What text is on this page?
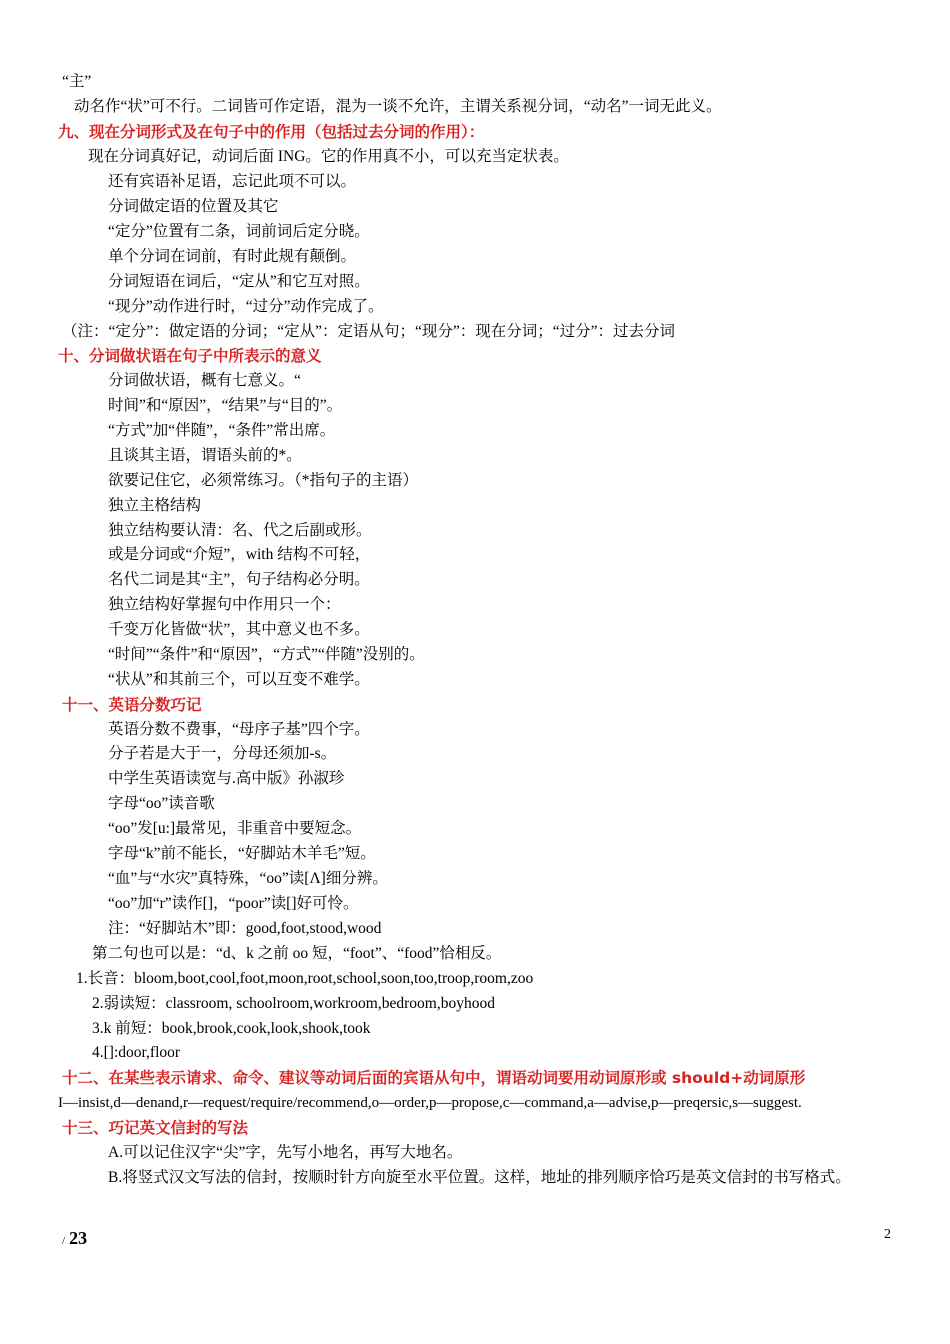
“主”
动名作“状”可不行。二词皆可作定语，混为一谈不允许，主谓关系视分词，“动名”一词无此义。
九、现在分词形式及在句子中的作用（包括过去分词的作用）：
现在分词真好记，动词后面 ING。它的作用真不小，可以充当定状表。
还有宾语补足语，忘记此项不可以。
分词做定语的位置及其它
“定分”位置有二条，词前词后定分晓。
单个分词在词前，有时此规有颠倒。
分词短语在词后，“定从”和它互对照。
“现分”动作进行时，“过分”动作完成了。
（注：“定分”：做定语的分词；“定从”：定语从句；“现分”：现在分词；“过分”：过去分词
十、分词做状语在句子中所表示的意义
分词做状语，概有七意义。“
时间”和“原因”，“结果”与“目的”。
“方式”加“伴随”，“条件”常出席。
且谈其主语，谓语头前的*。
欲要记住它，必须常练习。（*指句子的主语）
独立主格结构
独立结构要认清：名、代之后副或形。
或是分词或“介短”，with 结构不可轻，
名代二词是其“主”，句子结构必分明。
独立结构好掌握句中作用只一个：
千变万化皆做“状”，其中意义也不多。
“时间”“条件”和“原因”，“方式”“伴随”没别的。
“状从”和其前三个，可以互变不难学。
十一、英语分数巧记
英语分数不费事，“母序子基”四个字。
分子若是大于一，分母还须加-s。
中学生英语读宽与.高中版》孙淑珍
字母“oo”读音歌
“oo”发[u:]最常见，非重音中要短念。
字母“k”前不能长，“好脚站木羊毛”短。
“血”与“水灾”真特殊，“oo”读[Λ]细分辨。
“oo”加“r”读作[]，“poor”读[]好可怜。
注：“好脚站木”即：good,foot,stood,wood
第二句也可以是：“d、k 之前 oo 短，“foot”、“food”恰相反。
1.长音：bloom,boot,cool,foot,moon,root,school,soon,too,troop,room,zoo
2.弱读短：classroom, schoolroom,workroom,bedroom,boyhood
3.k 前短：book,brook,cook,look,shook,took
4.[]:door,floor
十二、在某些表示请求、命令、建议等动词后面的宾语从句中，谓语动词要用动词原形或 should+动词原形
I—insist,d—denand,r—request/require/recommend,o—order,p—propose,c—command,a—advise,p—preqersic,s—suggest.
十三、巧记英文信封的写法
A.可以记住汉字“尖”字，先写小地名，再写大地名。
B.将竖式汉文写法的信封，按顺时针方向旋至水平位置。这样，地址的排列顺序恰巧是英文信封的书写格式。
/ 23	2
